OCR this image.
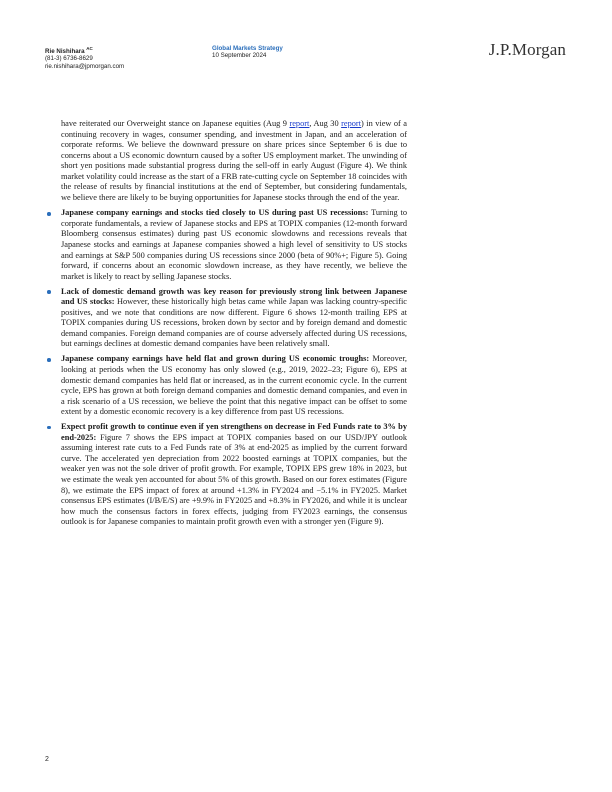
Rie Nishihara $^{AC}$
(81-3) 6736-8629
rie.nishihara@jpmorgan.com
Global Markets Strategy
10 September 2024	J.P.Morgan

have reiterated our Overweight stance on Japanese equities (Aug 9 report, Aug 30 report) in view of a continuing recovery in wages, consumer spending, and investment in Japan, and an acceleration of corporate reforms. We believe the downward pressure on share prices since September 6 is due to concerns about a US economic downturn caused by a softer US employment market. The unwinding of short yen positions made substantial progress during the sell-off in early August (Figure 4). We think market volatility could increase as the start of a FRB rate-cutting cycle on September 18 coincides with the release of results by financial institutions at the end of September, but considering fundamentals, we believe there are likely to be buying opportunities for Japanese stocks through the end of the year.

Japanese company earnings and stocks tied closely to US during past US recessions: Turning to corporate fundamentals, a review of Japanese stocks and EPS at TOPIX companies (12-month forward Bloomberg consensus estimates) during past US economic slowdowns and recessions reveals that Japanese stocks and earnings at Japanese companies showed a high level of sensitivity to US stocks and earnings at S&P 500 companies during US recessions since 2000 (beta of 90%+; Figure 5). Going forward, if concerns about an economic slowdown increase, as they have recently, we believe the market is likely to react by selling Japanese stocks.
Lack of domestic demand growth was key reason for previously strong link between Japanese and US stocks: However, these historically high betas came while Japan was lacking country-specific positives, and we note that conditions are now different. Figure 6 shows 12-month trailing EPS at TOPIX companies during US recessions, broken down by sector and by foreign demand and domestic demand companies. Foreign demand companies are of course adversely affected during US recessions, but earnings declines at domestic demand companies have been relatively small.
Japanese company earnings have held flat and grown during US economic troughs: Moreover, looking at periods when the US economy has only slowed (e.g., 2019, 2022–23; Figure 6), EPS at domestic demand companies has held flat or increased, as in the current economic cycle. In the current cycle, EPS has grown at both foreign demand companies and domestic demand companies, and even in a risk scenario of a US recession, we believe the point that this negative impact can be offset to some extent by a domestic economic recovery is a key difference from past US recessions.
Expect profit growth to continue even if yen strengthens on decrease in Fed Funds rate to 3% by end-2025: Figure 7 shows the EPS impact at TOPIX companies based on our USD/JPY outlook assuming interest rate cuts to a Fed Funds rate of 3% at end-2025 as implied by the current forward curve. The accelerated yen depreciation from 2022 boosted earnings at TOPIX companies, but the weaker yen was not the sole driver of profit growth. For example, TOPIX EPS grew 18% in 2023, but we estimate the weak yen accounted for about 5% of this growth. Based on our forex estimates (Figure 8), we estimate the EPS impact of forex at around +1.3% in FY2024 and −5.1% in FY2025. Market consensus EPS estimates (I/B/E/S) are +9.9% in FY2025 and +8.3% in FY2026, and while it is unclear how much the consensus factors in forex effects, judging from FY2023 earnings, the consensus outlook is for Japanese companies to maintain profit growth even with a stronger yen (Figure 9).
2
